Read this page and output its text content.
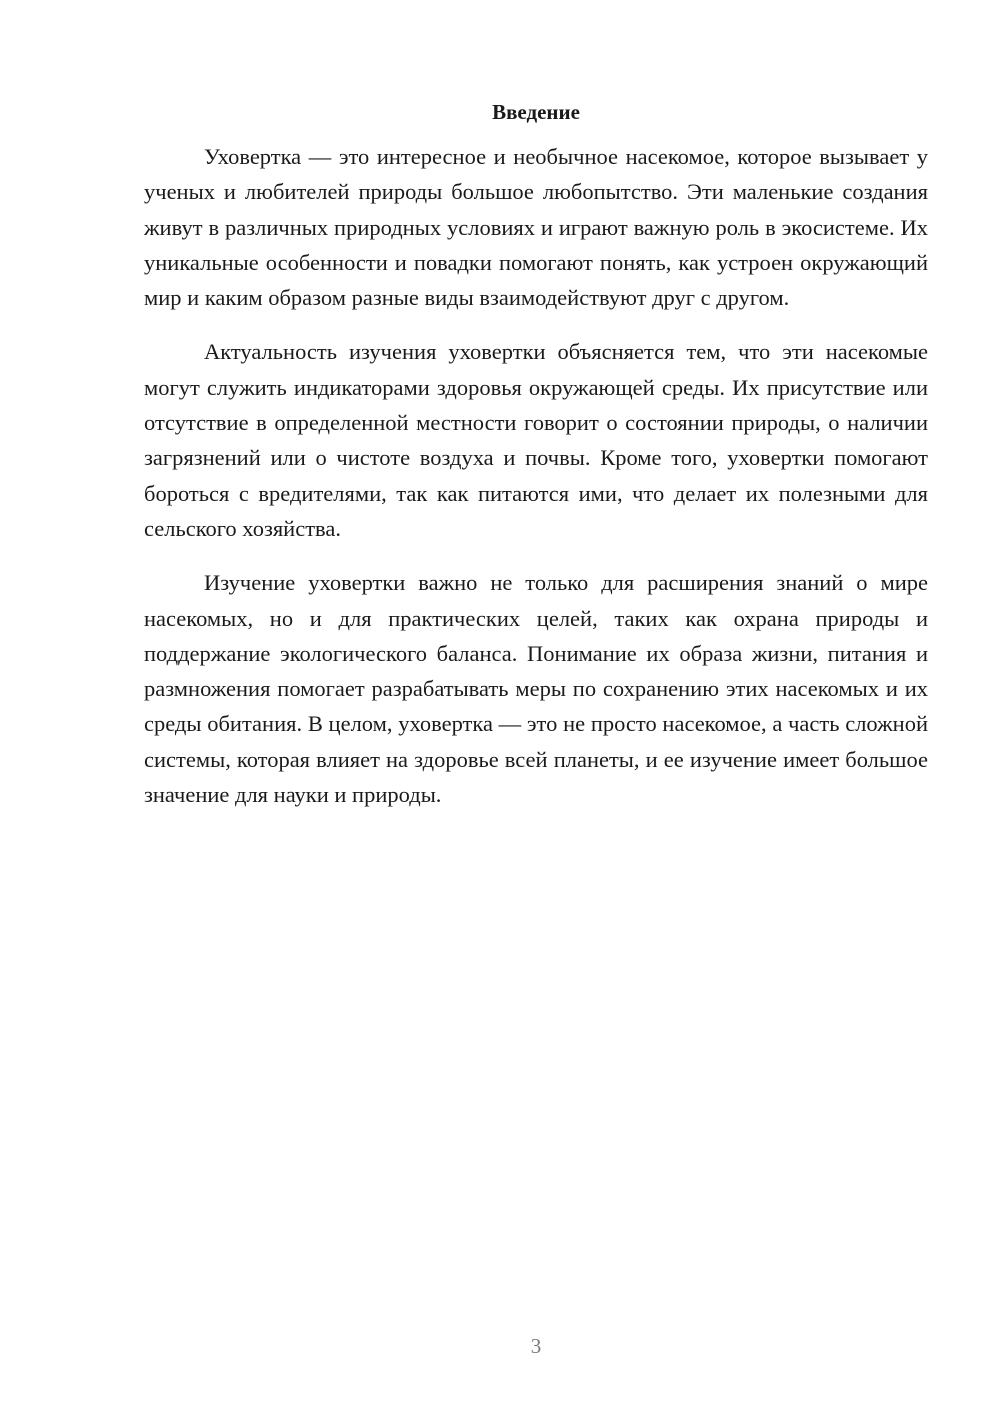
Введение

Уховертка — это интересное и необычное насекомое, которое вызывает у ученых и любителей природы большое любопытство. Эти маленькие создания живут в различных природных условиях и играют важную роль в экосистеме. Их уникальные особенности и повадки помогают понять, как устроен окружающий мир и каким образом разные виды взаимодействуют друг с другом.

Актуальность изучения уховертки объясняется тем, что эти насекомые могут служить индикаторами здоровья окружающей среды. Их присутствие или отсутствие в определенной местности говорит о состоянии природы, о наличии загрязнений или о чистоте воздуха и почвы. Кроме того, уховертки помогают бороться с вредителями, так как питаются ими, что делает их полезными для сельского хозяйства.

Изучение уховертки важно не только для расширения знаний о мире насекомых, но и для практических целей, таких как охрана природы и поддержание экологического баланса. Понимание их образа жизни, питания и размножения помогает разрабатывать меры по сохранению этих насекомых и их среды обитания. В целом, уховертка — это не просто насекомое, а часть сложной системы, которая влияет на здоровье всей планеты, и ее изучение имеет большое значение для науки и природы.

3
